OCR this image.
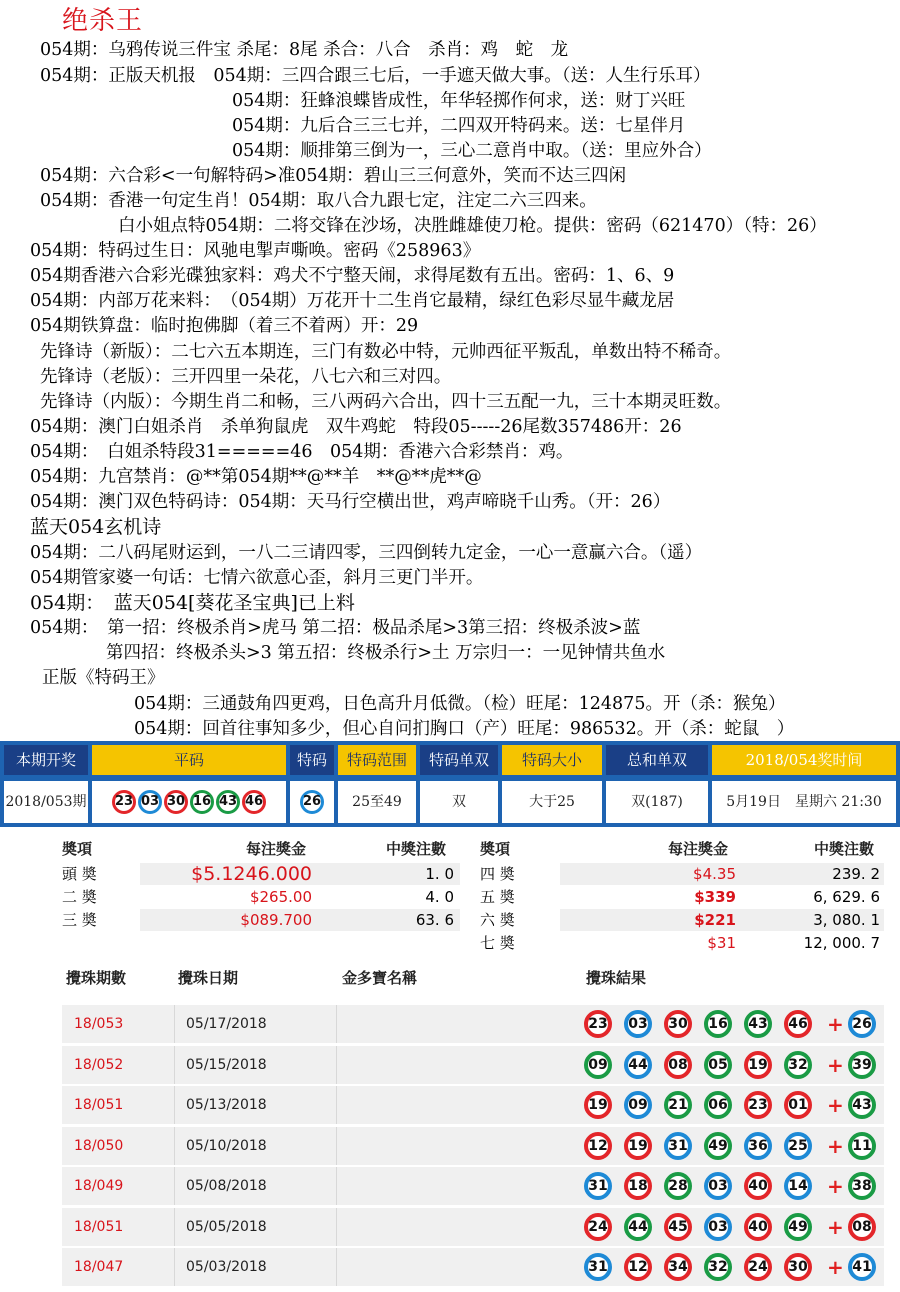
绝杀王
054期：乌鸦传说三件宝 杀尾：8尾 杀合：八合　杀肖：鸡　蛇　龙
054期：正版天机报　054期：三四合跟三七后，一手遮天做大事。（送：人生行乐耳）
054期：狂蜂浪蝶皆成性，年华轻掷作何求，送：财丁兴旺
054期：九后合三三七并，二四双开特码来。送：七星伴月
054期：顺排第三倒为一，三心二意肖中取。（送：里应外合）
054期：六合彩<一句解特码>准054期：碧山三三何意外，笑而不达三四闲
054期：香港一句定生肖！054期：取八合九跟七定，注定二六三四来。
白小姐点特054期：二将交锋在沙场，决胜雌雄使刀枪。提供：密码（621470）（特：26）
054期：特码过生日：风驰电掣声嘶唤。密码《258963》
054期香港六合彩光碟独家料：鸡犬不宁整天闹，求得尾数有五出。密码：1、6、9
054期：内部万花来料：　（054期）万花开十二生肖它最精，绿红色彩尽显牛藏龙居
054期铁算盘：临时抱佛脚（着三不着两）开：29
先锋诗（新版）：二七六五本期连，三门有数必中特，元帅西征平叛乱，单数出特不稀奇。
先锋诗（老版）：三开四里一朵花，八七六和三对四。
先锋诗（内版）：今期生肖二和畅，三八两码六合出，四十三五配一九，三十本期灵旺数。
054期：澳门白姐杀肖　杀单狗鼠虎　双牛鸡蛇　特段05-----26尾数357486开：26
054期：　白姐杀特段31=====46　054期：香港六合彩禁肖：鸡。
054期：九宫禁肖：@**第054期**@**羊　**@**虎**@
054期：澳门双色特码诗：054期：天马行空横出世，鸡声啼晓千山秀。（开：26）
蓝天054玄机诗
054期：二八码尾财运到，一八二三请四零，三四倒转九定金，一心一意赢六合。（遥）
054期管家婆一句话：七情六欲意心歪，斜月三更门半开。
054期：　蓝天054[葵花圣宝典]已上料
054期：　第一招：终极杀肖>虎马 第二招：极品杀尾>3第三招：终极杀波>蓝
第四招：终极杀头>3 第五招：终极杀行>土 万宗归一：一见钟情共鱼水
正版《特码王》
054期：三通鼓角四更鸡，日色高升月低微。（检）旺尾：124875。开（杀：猴兔）
054期：回首往事知多少，但心自问扪胸口（产）旺尾：986532。开（杀：蛇鼠　）
本期开奖	平码	特码	特码范围	特码单双	特码大小	总和单双	2018/054奖时间
2018/053期	23 03 30 16 43 46	26	25至49	双	大于25	双(187)	5月19日　星期六 21:30
奬項	每注獎金	中獎注數 奬項	每注獎金	中獎注數
頭 奬	$5.1246.000	1. 0
二 奬	$265.00	4. 0
三 奬	$089.700	63. 6
四 奬	$4.35	239. 2
五 奬	$339	6, 629. 6
六 奬	$221	3, 080. 1
七 奬	$31	12, 000. 7
攪珠期數	攪珠日期	金多寶名稱	攪珠結果
18/053	05/17/2018	23	03	30	16	43	46 + 26
18/052	05/15/2018	09	44	08	05	19	32 + 39
18/051	05/13/2018	19	09	21	06	23	01 + 43
18/050	05/10/2018	12	19	31	49	36	25 + 11
18/049	05/08/2018	31	18	28	03	40	14 + 38
18/051	05/05/2018	24	44	45	03	40	49 + 08
18/047	05/03/2018	31	12	34	32	24	30 + 41
